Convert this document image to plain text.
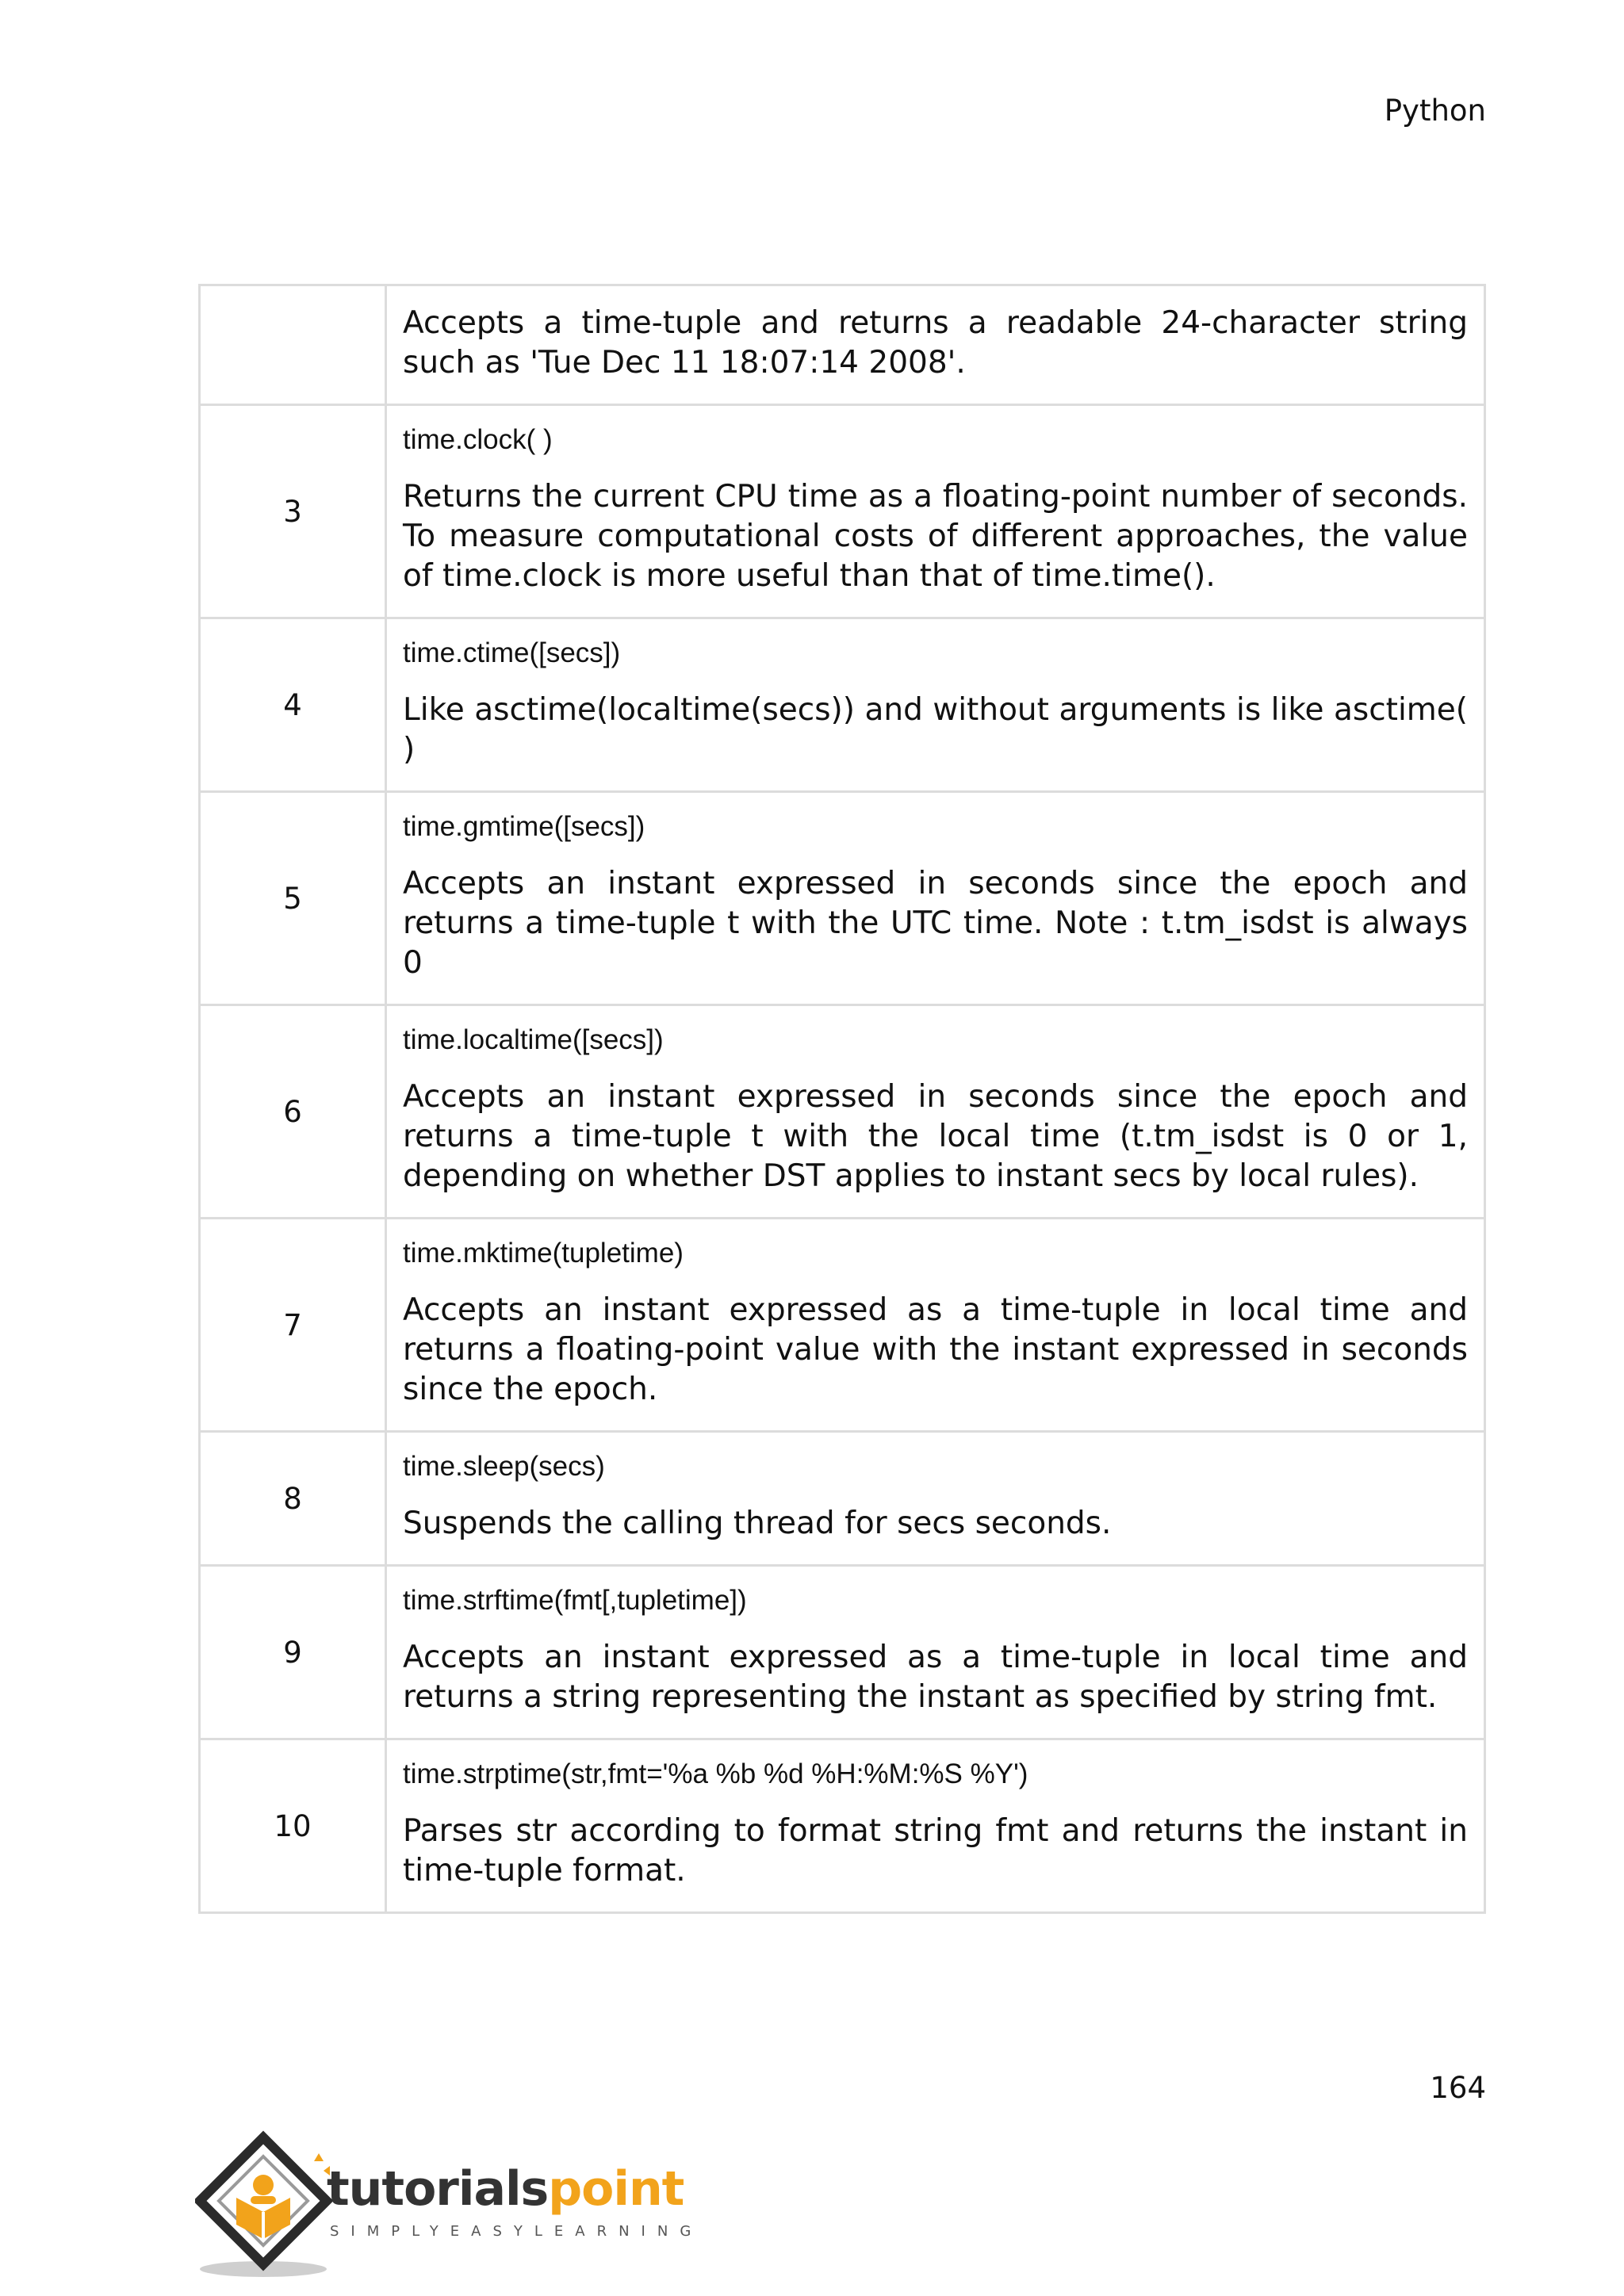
Python

	Accepts a time-tuple and returns a readable 24-character string such as 'Tue Dec 11 18:07:14 2008'.

3	time.clock( )

Returns the current CPU time as a floating-point number of seconds. To measure computational costs of different approaches, the value of time.clock is more useful than that of time.time().

4	time.ctime([secs])

Like asctime(localtime(secs)) and without arguments is like asctime( )

5	time.gmtime([secs])

Accepts an instant expressed in seconds since the epoch and returns a time-tuple t with the UTC time. Note : t.tm_isdst is always 0

6	time.localtime([secs])

Accepts an instant expressed in seconds since the epoch and returns a time-tuple t with the local time (t.tm_isdst is 0 or 1, depending on whether DST applies to instant secs by local rules).

7	time.mktime(tupletime)

Accepts an instant expressed as a time-tuple in local time and returns a floating-point value with the instant expressed in seconds since the epoch.

8	time.sleep(secs)

Suspends the calling thread for secs seconds.

9	time.strftime(fmt[,tupletime])

Accepts an instant expressed as a time-tuple in local time and returns a string representing the instant as specified by string fmt.

10	time.strptime(str,fmt='%a %b %d %H:%M:%S %Y')

Parses str according to format string fmt and returns the instant in time-tuple format.

164
tutorialspoint
SIMPLYEASYLEARNING
